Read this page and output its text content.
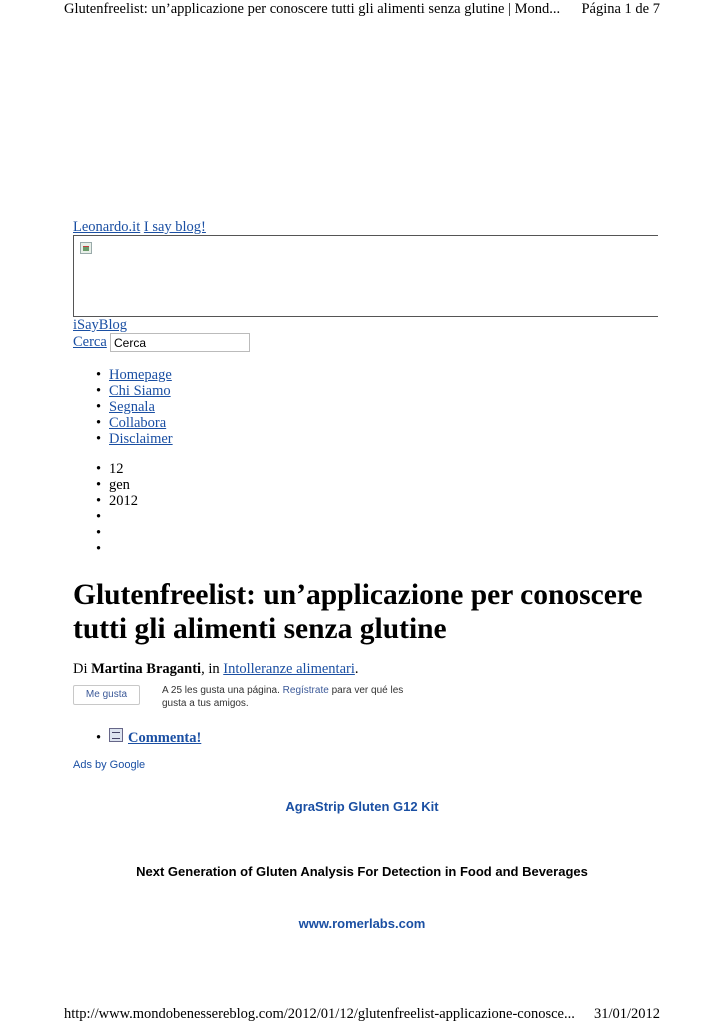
Glutenfreelist: un’applicazione per conoscere tutti gli alimenti senza glutine | Mond... Página 1 de 7
Leonardo.it I say blog!
iSayBlog
Cerca
Cerca
• Homepage
• Chi Siamo
• Segnala
• Collabora
• Disclaimer
• 12
• gen
• 2012
•
•
•
Glutenfreelist: un’applicazione per conoscere tutti gli alimenti senza glutine
Di Martina Braganti, in Intolleranze alimentari.
Me gusta	A 25 les gusta una página. Regístrate para ver qué les gusta a tus amigos.
• Commenta!
Ads by Google
AgraStrip Gluten G12 Kit
Next Generation of Gluten Analysis For Detection in Food and Beverages
www.romerlabs.com
http://www.mondobenessereblog.com/2012/01/12/glutenfreelist-applicazione-conosce... 31/01/2012
